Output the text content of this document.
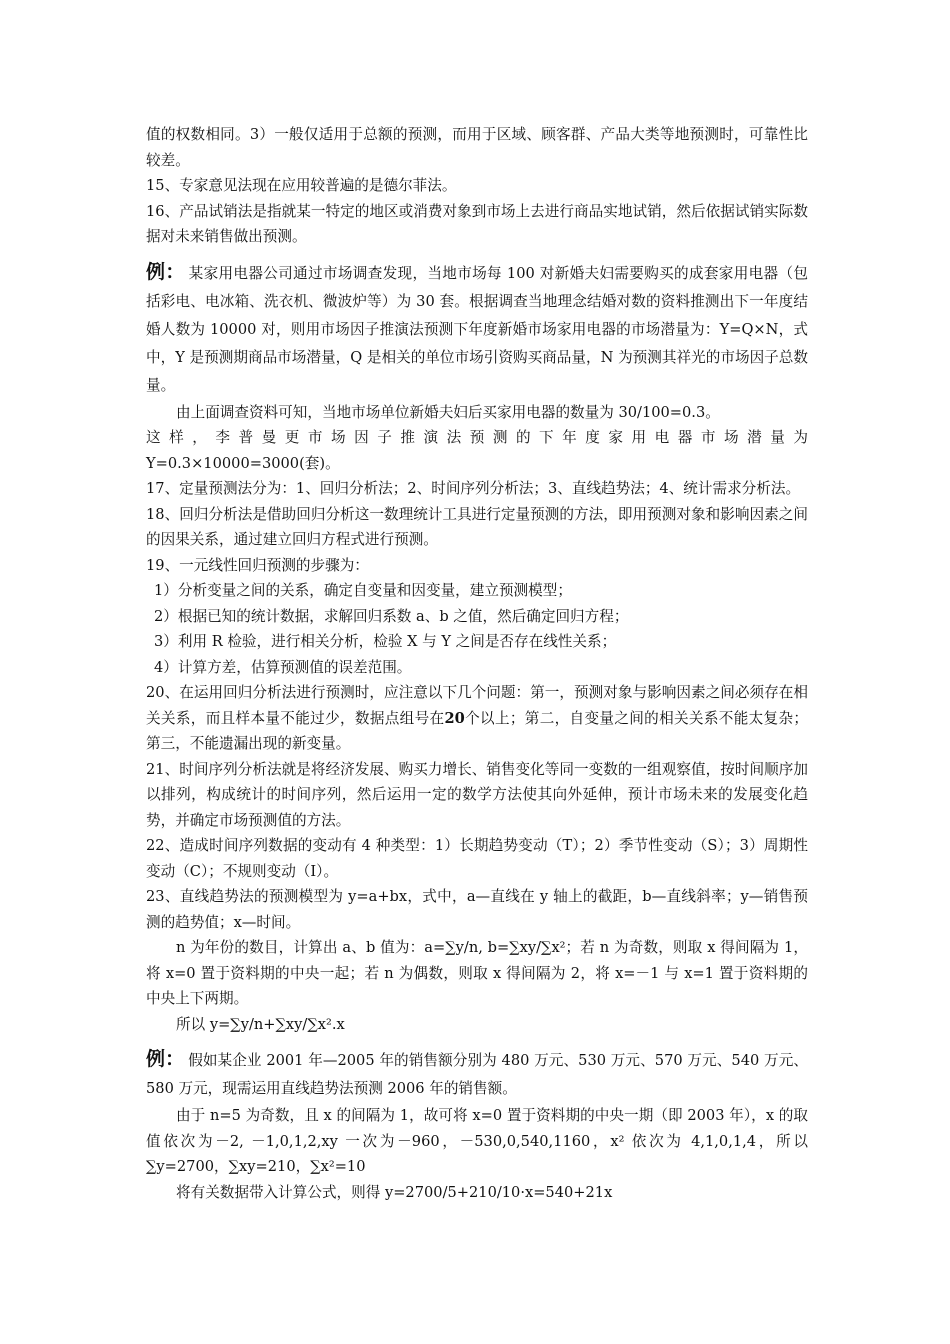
值的权数相同。3）一般仅适用于总额的预测，而用于区域、顾客群、产品大类等地预测时，可靠性比较差。

15、专家意见法现在应用较普遍的是德尔菲法。

16、产品试销法是指就某一特定的地区或消费对象到市场上去进行商品实地试销，然后依据试销实际数据对未来销售做出预测。

例： 某家用电器公司通过市场调查发现，当地市场每 100 对新婚夫妇需要购买的成套家用电器（包括彩电、电冰箱、洗衣机、微波炉等）为 30 套。根据调查当地理念结婚对数的资料推测出下一年度结婚人数为 10000 对，则用市场因子推演法预测下年度新婚市场家用电器的市场潜量为：Y=Q×N，式中，Y 是预测期商品市场潜量，Q 是相关的单位市场引资购买商品量，N 为预测其祥光的市场因子总数量。

由上面调查资料可知，当地市场单位新婚夫妇后买家用电器的数量为 30/100=0.3。

这样，李普曼更市场因子推演法预测的下年度家用电器市场潜量为

Y=0.3×10000=3000(套)。

17、定量预测法分为：1、回归分析法；2、时间序列分析法；3、直线趋势法；4、统计需求分析法。

18、回归分析法是借助回归分析这一数理统计工具进行定量预测的方法，即用预测对象和影响因素之间的因果关系，通过建立回归方程式进行预测。

19、一元线性回归预测的步骤为：

1）分析变量之间的关系，确定自变量和因变量，建立预测模型；

2）根据已知的统计数据，求解回归系数 a、b 之值，然后确定回归方程；

3）利用 R 检验，进行相关分析，检验 X 与 Y 之间是否存在线性关系；

4）计算方差，估算预测值的误差范围。

20、在运用回归分析法进行预测时，应注意以下几个问题：第一，预测对象与影响因素之间必须存在相关关系，而且样本量不能过少，数据点组号在20个以上；第二，自变量之间的相关关系不能太复杂；第三，不能遗漏出现的新变量。

21、时间序列分析法就是将经济发展、购买力增长、销售变化等同一变数的一组观察值，按时间顺序加以排列，构成统计的时间序列，然后运用一定的数学方法使其向外延伸，预计市场未来的发展变化趋势，并确定市场预测值的方法。

22、造成时间序列数据的变动有 4 种类型：1）长期趋势变动（T）；2）季节性变动（S）；3）周期性变动（C）；不规则变动（I）。

23、直线趋势法的预测模型为 y=a+bx，式中，a—直线在 y 轴上的截距，b—直线斜率；y—销售预测的趋势值；x—时间。

n 为年份的数目，计算出 a、b 值为：a=∑y/n, b=∑xy/∑x²；若 n 为奇数，则取 x 得间隔为 1，将 x=0 置于资料期的中央一起；若 n 为偶数，则取 x 得间隔为 2，将 x=－1 与 x=1 置于资料期的中央上下两期。

所以 y=∑y/n+∑xy/∑x².x

例： 假如某企业 2001 年—2005 年的销售额分别为 480 万元、530 万元、570 万元、540 万元、580 万元，现需运用直线趋势法预测 2006 年的销售额。

由于 n=5 为奇数，且 x 的间隔为 1，故可将 x=0 置于资料期的中央一期（即 2003 年），x 的取值依次为－2, －1,0,1,2,xy 一次为－960，－530,0,540,1160，x² 依次为 4,1,0,1,4，所以∑y=2700，∑xy=210，∑x²=10

将有关数据带入计算公式，则得 y=2700/5+210/10·x=540+21x
